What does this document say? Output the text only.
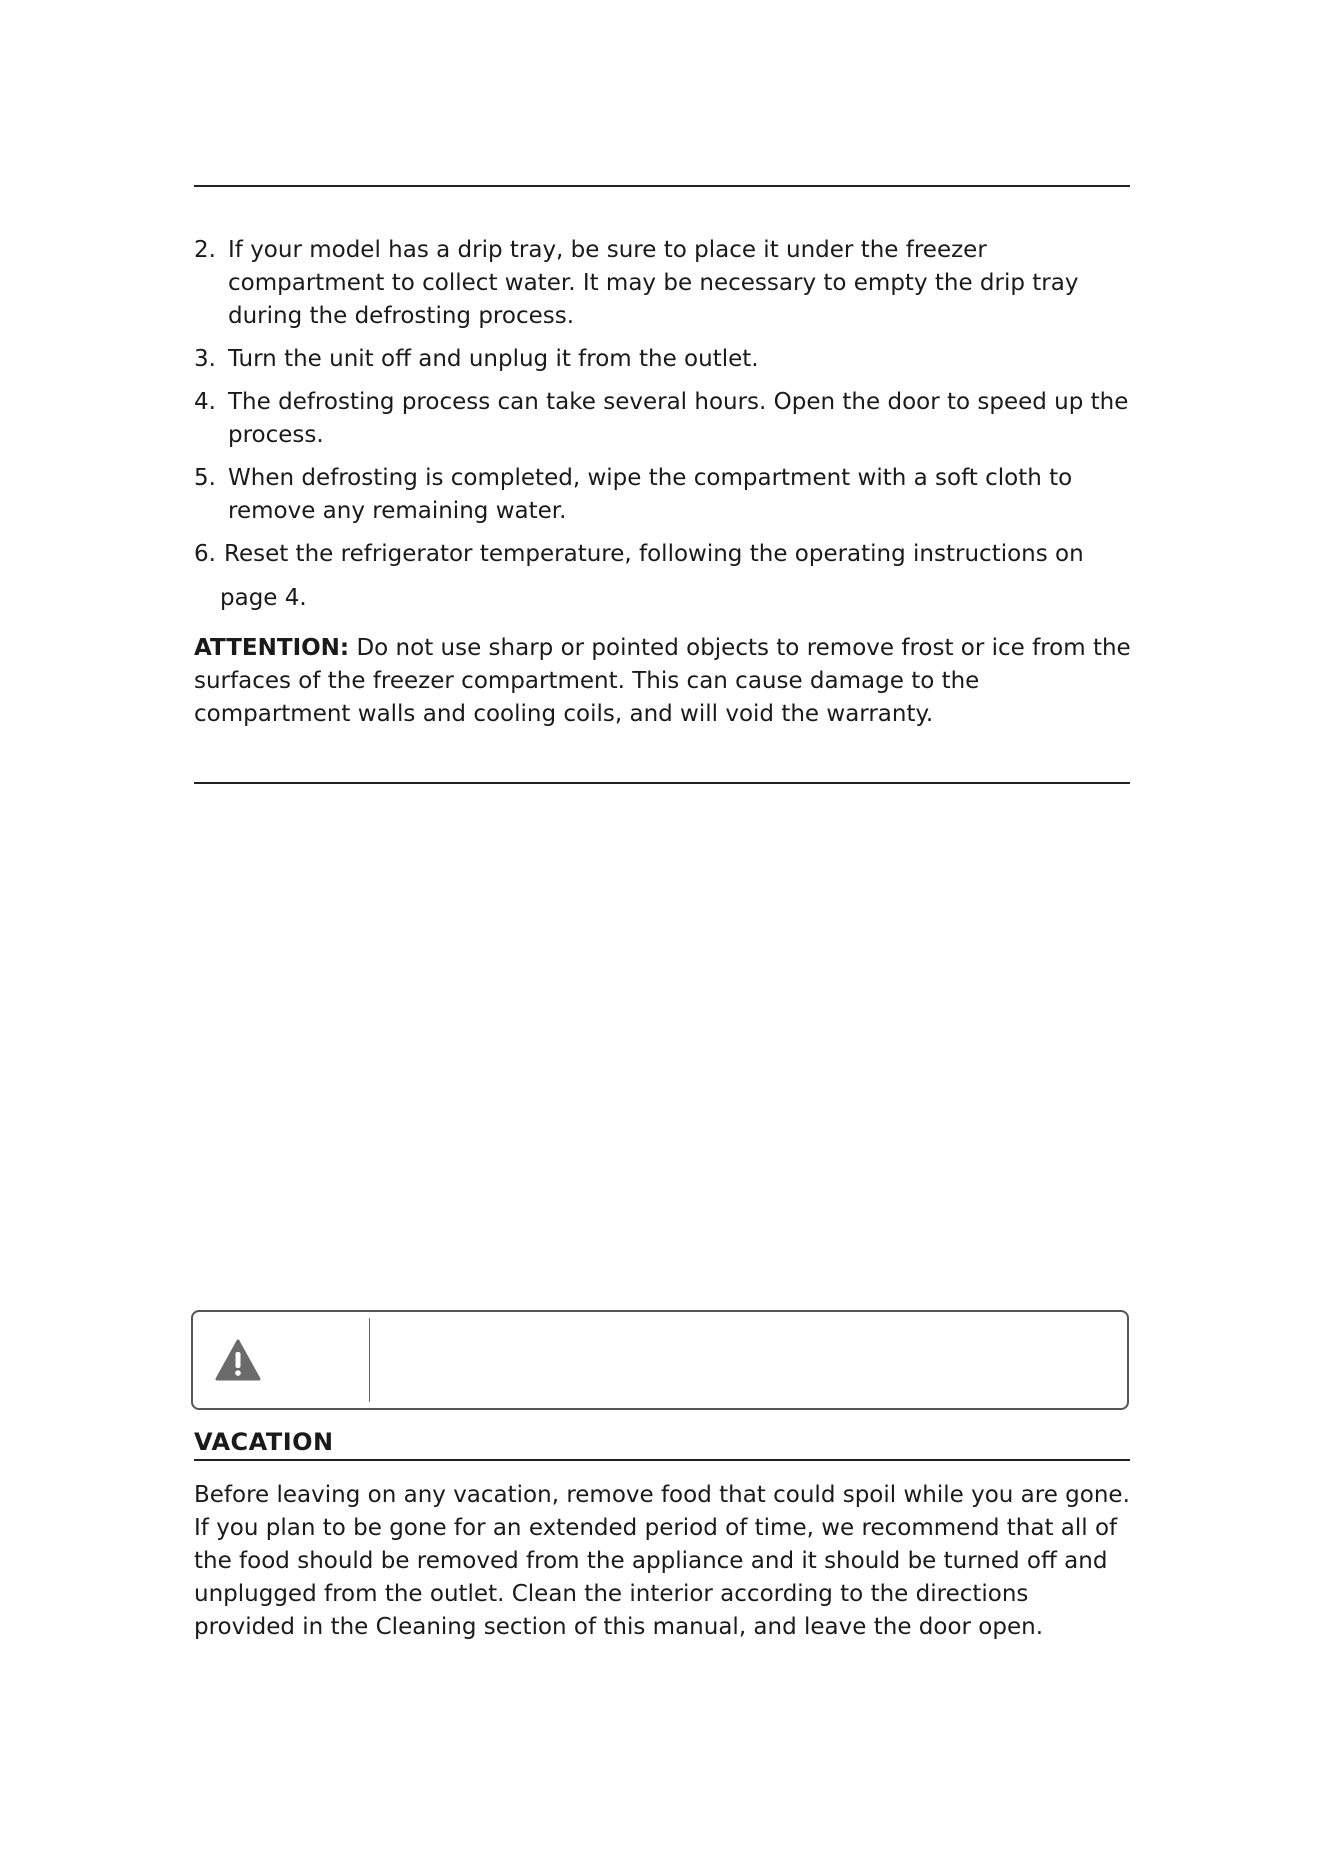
2. If your model has a drip tray, be sure to place it under the freezer compartment to collect water. It may be necessary to empty the drip tray during the defrosting process.
3. Turn the unit off and unplug it from the outlet.
4. The defrosting process can take several hours. Open the door to speed up the process.
5. When defrosting is completed, wipe the compartment with a soft cloth to remove any remaining water.
6. Reset the refrigerator temperature, following the operating instructions on
page 4.
ATTENTION: Do not use sharp or pointed objects to remove frost or ice from the surfaces of the freezer compartment. This can cause damage to the compartment walls and cooling coils, and will void the warranty.
VACATION
Before leaving on any vacation, remove food that could spoil while you are gone. If you plan to be gone for an extended period of time, we recommend that all of the food should be removed from the appliance and it should be turned off and unplugged from the outlet. Clean the interior according to the directions provided in the Cleaning section of this manual, and leave the door open.
